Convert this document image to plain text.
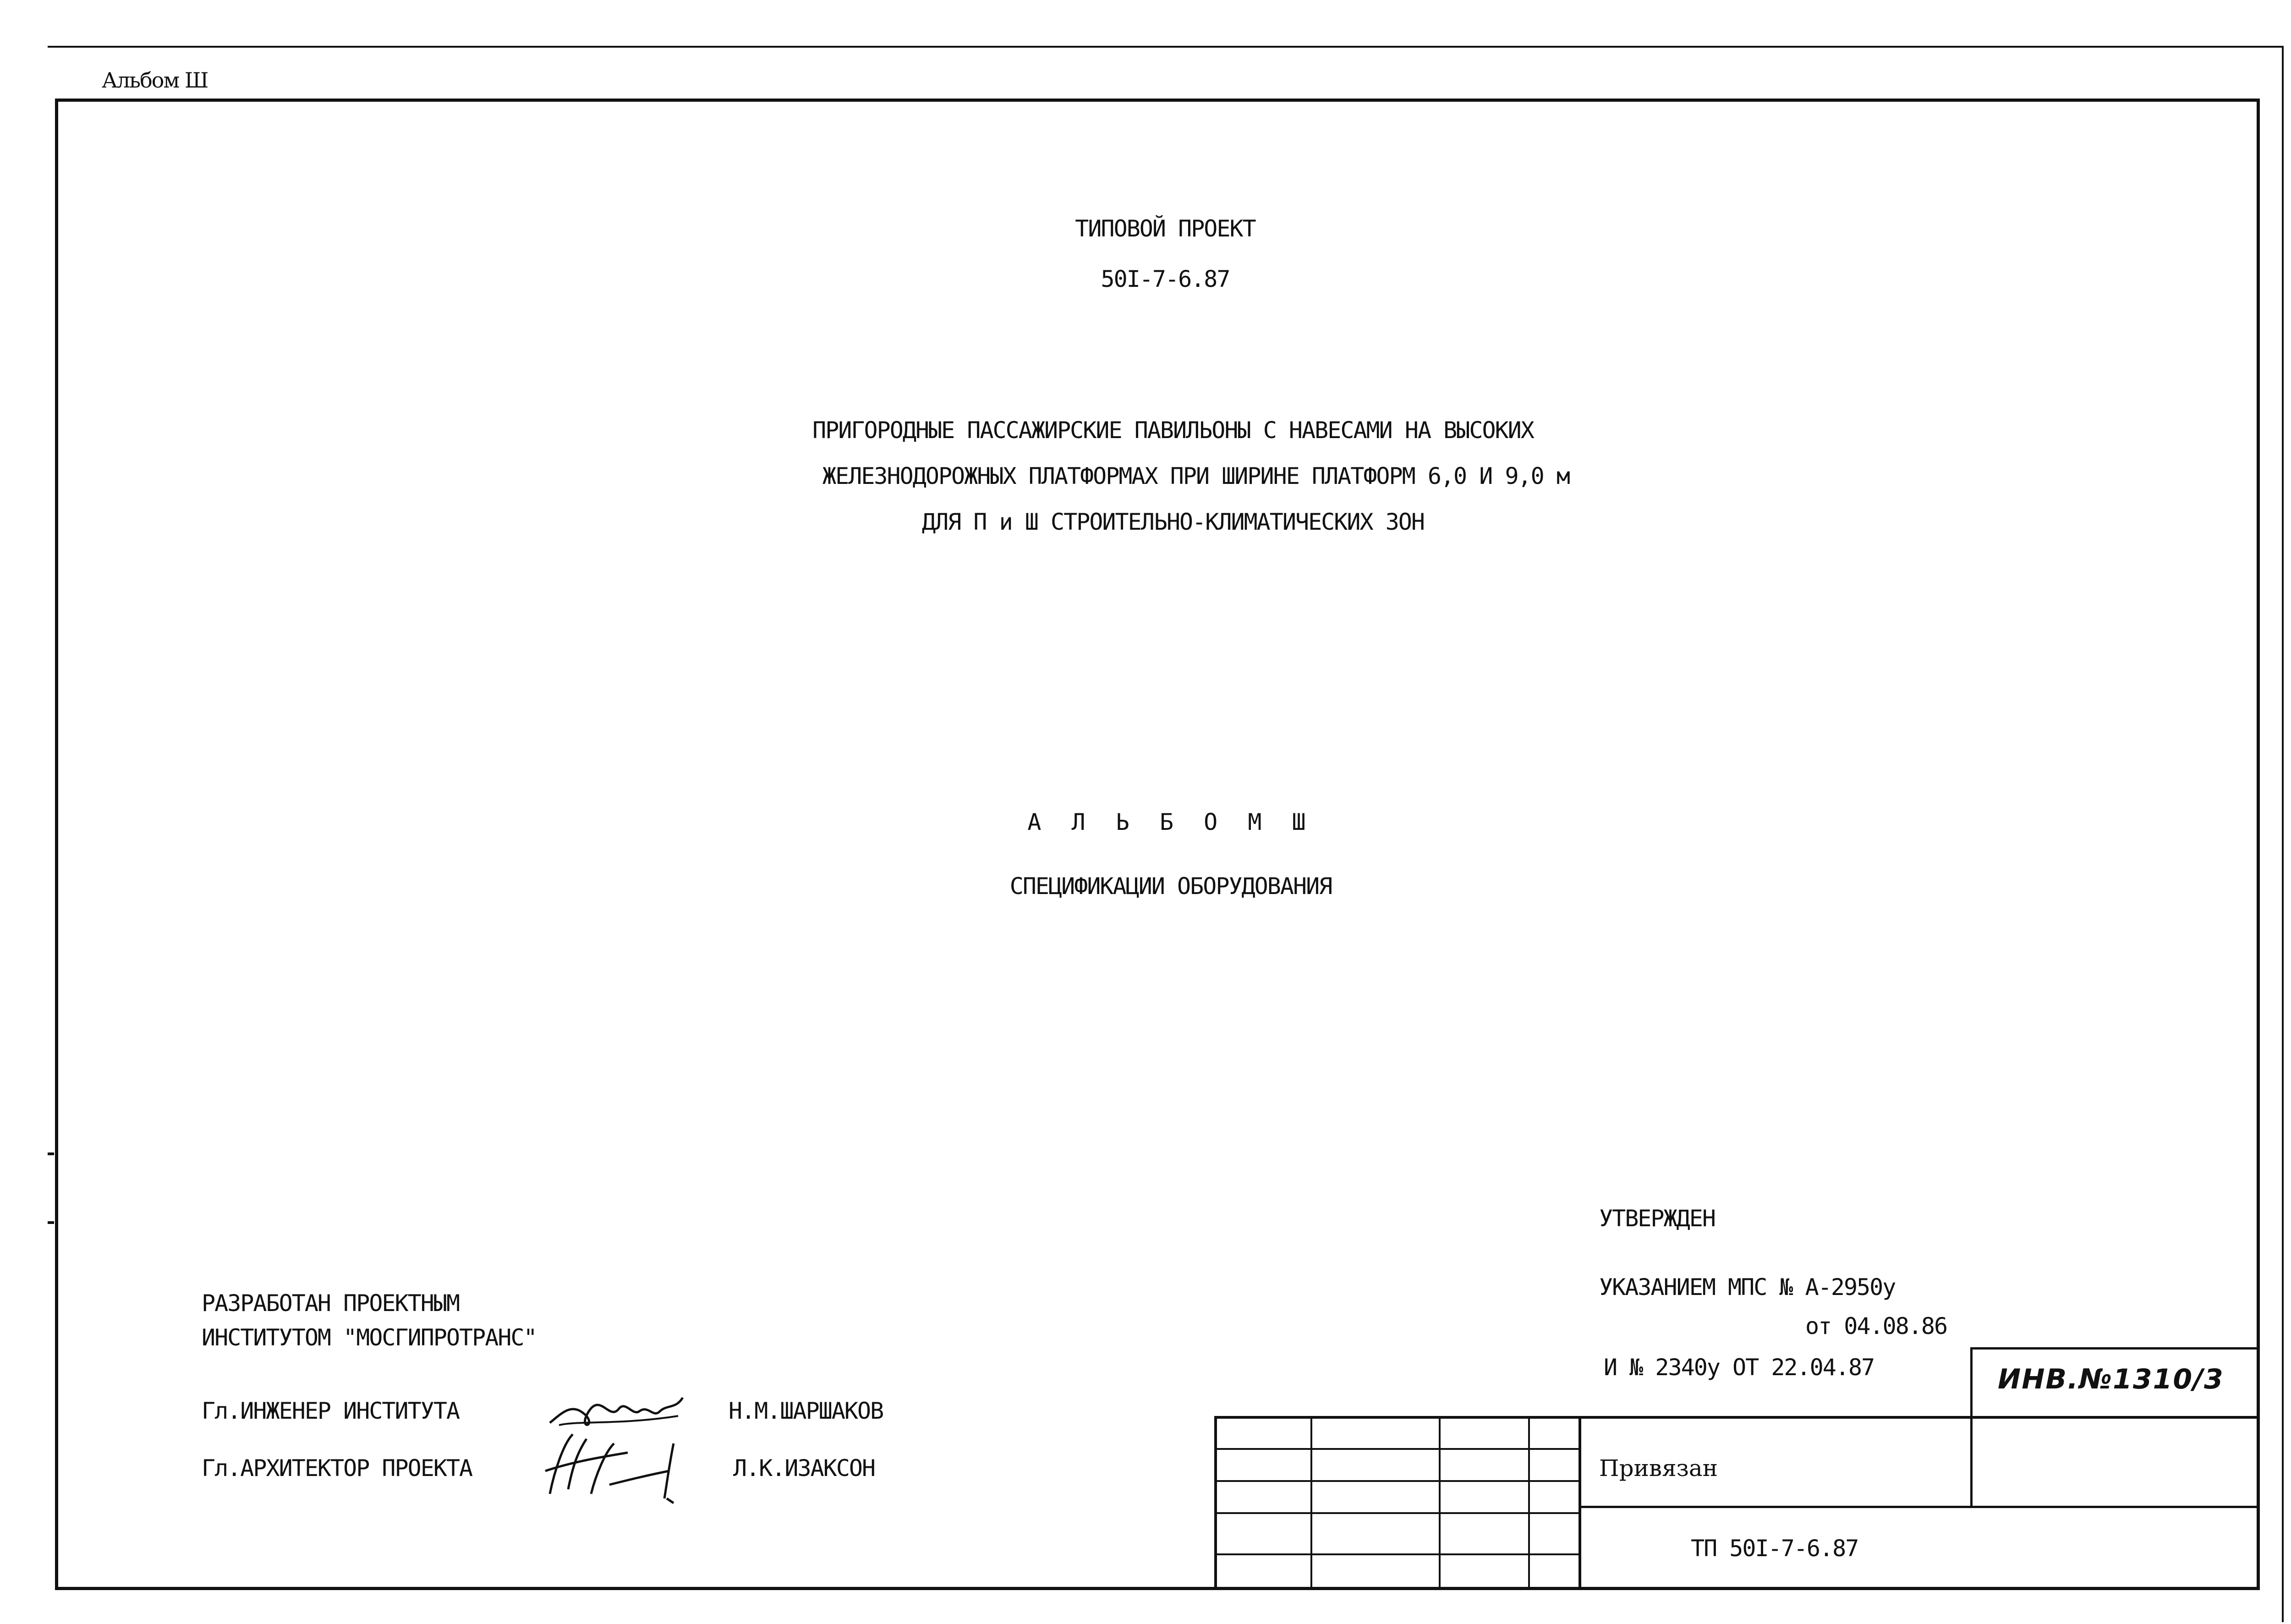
Альбом Ш
ТИПОВОЙ ПРОЕКТ
50I-7-6.87
ПРИГОРОДНЫЕ ПАССАЖИРСКИЕ ПАВИЛЬОНЫ С НАВЕСАМИ НА ВЫСОКИХ
ЖЕЛЕЗНОДОРОЖНЫХ ПЛАТФОРМАХ ПРИ ШИРИНЕ ПЛАТФОРМ 6,0 И 9,0 м
ДЛЯ П и Ш СТРОИТЕЛЬНО-КЛИМАТИЧЕСКИХ ЗОН
А Л Ь Б О М Ш
СПЕЦИФИКАЦИИ ОБОРУДОВАНИЯ
УТВЕРЖДЕН
УКАЗАНИЕМ МПС № А-2950у
от 04.08.86
И № 2340у ОТ 22.04.87
РАЗРАБОТАН ПРОЕКТНЫМ
ИНСТИТУТОМ "МОСГИПРОТРАНС"
Гл.ИНЖЕНЕР ИНСТИТУТА	Н.М.ШАРШАКОВ
Гл.АРХИТЕКТОР ПРОЕКТА	Л.К.ИЗАКСОН
ИНВ.№1310/3
Привязан
ТП 50I-7-6.87
